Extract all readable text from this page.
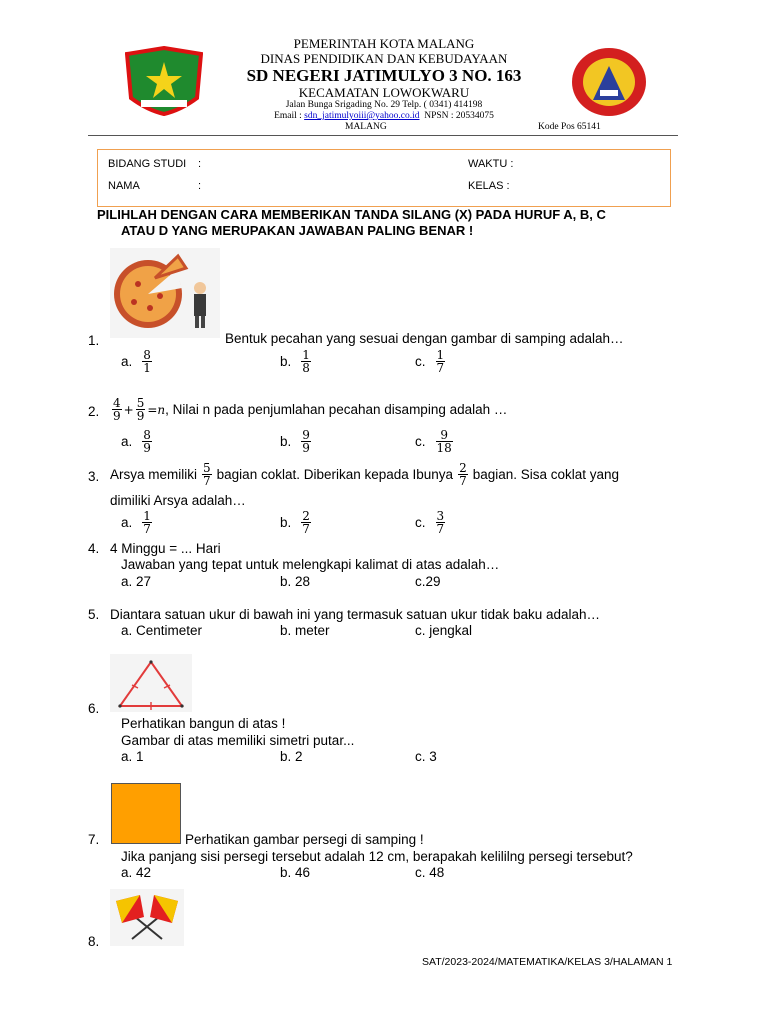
PEMERINTAH KOTA MALANG
DINAS PENDIDIKAN DAN KEBUDAYAAN
SD NEGERI JATIMULYO 3 NO. 163
KECAMATAN LOWOKWARU
Jalan Bunga Srigading No. 29 Telp. ( 0341) 414198
Email : sdn_jatimulyoiii@yahoo.co.id NPSN : 20534075
MALANG	Kode Pos 65141
BIDANG STUDI :	WAKTU :
NAMA	:	KELAS :
PILIHLAH DENGAN CARA MEMBERIKAN TANDA SILANG (X) PADA HURUF A, B, C
ATAU D YANG MERUPAKAN JAWABAN PALING BENAR !
1.	Bentuk pecahan yang sesuai dengan gambar di samping adalah…
a. $\frac{8}{1}$	b. $\frac{1}{8}$	c. $\frac{1}{7}$
2. $\frac{4}{9} + \frac{5}{9} =n$ , Nilai n pada penjumlahan pecahan disamping adalah …
a. $\frac{8}{9}$	b. $\frac{9}{9}$	c. $\frac{9}{18}$
3. Arsya memiliki $\frac{5}{7}$ bagian coklat. Diberikan kepada Ibunya $\frac{2}{7}$ bagian. Sisa coklat yang
dimiliki Arsya adalah…
a. $\frac{1}{7}$	b. $\frac{2}{7}$	c. $\frac{3}{7}$
4. 4 Minggu = ... Hari
Jawaban yang tepat untuk melengkapi kalimat di atas adalah…
a. 27	b. 28	c.29
5. Diantara satuan ukur di bawah ini yang termasuk satuan ukur tidak baku adalah…
a. Centimeter	b. meter	c. jengkal
6.
Perhatikan bangun di atas !
Gambar di atas memiliki simetri putar...
a. 1	b. 2	c. 3
7.	Perhatikan gambar persegi di samping !
Jika panjang sisi persegi tersebut adalah 12 cm, berapakah kelililng persegi tersebut?
a. 42	b. 46	c. 48
8.
SAT/2023-2024/MATEMATIKA/KELAS 3/HALAMAN 1
